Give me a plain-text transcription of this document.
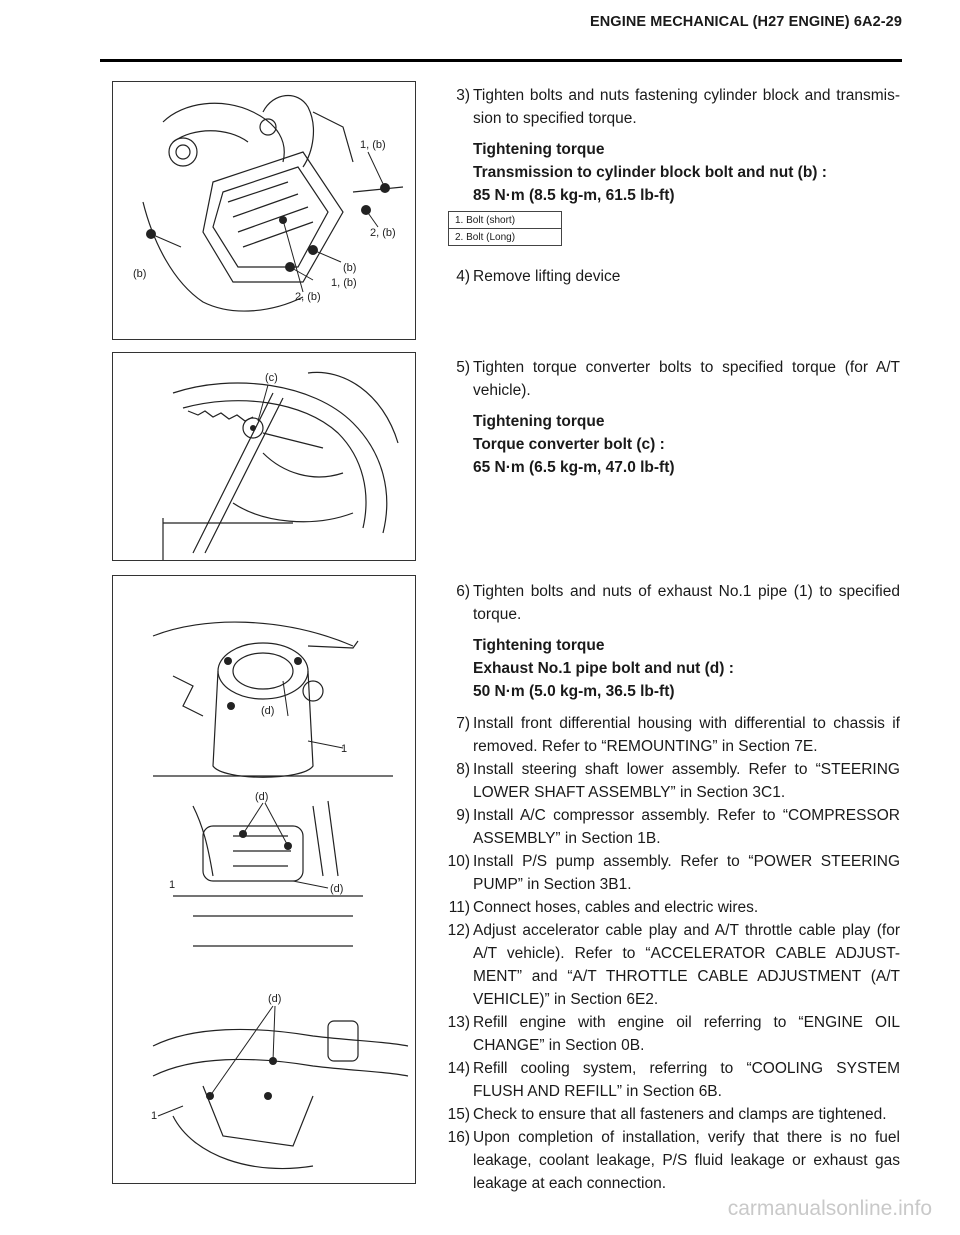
ENGINE MECHANICAL (H27 ENGINE) 6A2-29
1, (b)
2, (b)
(b)	(b)
1, (b)
2, (b)
(c)
(d)
1
(d)
1	(d)
(d)
1
1. Bolt (short)
2. Bolt (Long)
3) Tighten bolts and nuts fastening cylinder block and transmis-sion to specified torque.
Tightening torque
Transmission to cylinder block bolt and nut (b) :
85 N·m (8.5 kg-m, 61.5 lb-ft)
4) Remove lifting device
5) Tighten torque converter bolts to specified torque (for A/T vehicle).
Tightening torque
Torque converter bolt (c) :
65 N·m (6.5 kg-m, 47.0 lb-ft)
6) Tighten bolts and nuts of exhaust No.1 pipe (1) to specified torque.
Tightening torque
Exhaust No.1 pipe bolt and nut (d) :
50 N·m (5.0 kg-m, 36.5 lb-ft)
7) Install front differential housing with differential to chassis if removed. Refer to “REMOUNTING” in Section 7E.
8) Install steering shaft lower assembly. Refer to “STEERING LOWER SHAFT ASSEMBLY” in Section 3C1.
9) Install A/C compressor assembly. Refer to “COMPRESSOR ASSEMBLY” in Section 1B.
10) Install P/S pump assembly. Refer to “POWER STEERING PUMP” in Section 3B1.
11) Connect hoses, cables and electric wires.
12) Adjust accelerator cable play and A/T throttle cable play (for A/T vehicle). Refer to “ACCELERATOR CABLE ADJUST-MENT” and “A/T THROTTLE CABLE ADJUSTMENT (A/T VEHICLE)” in Section 6E2.
13) Refill engine with engine oil referring to “ENGINE OIL CHANGE” in Section 0B.
14) Refill cooling system, referring to “COOLING SYSTEM FLUSH AND REFILL” in Section 6B.
15) Check to ensure that all fasteners and clamps are tightened.
16) Upon completion of installation, verify that there is no fuel leakage, coolant leakage, P/S fluid leakage or exhaust gas leakage at each connection.
carmanualsonline.info
